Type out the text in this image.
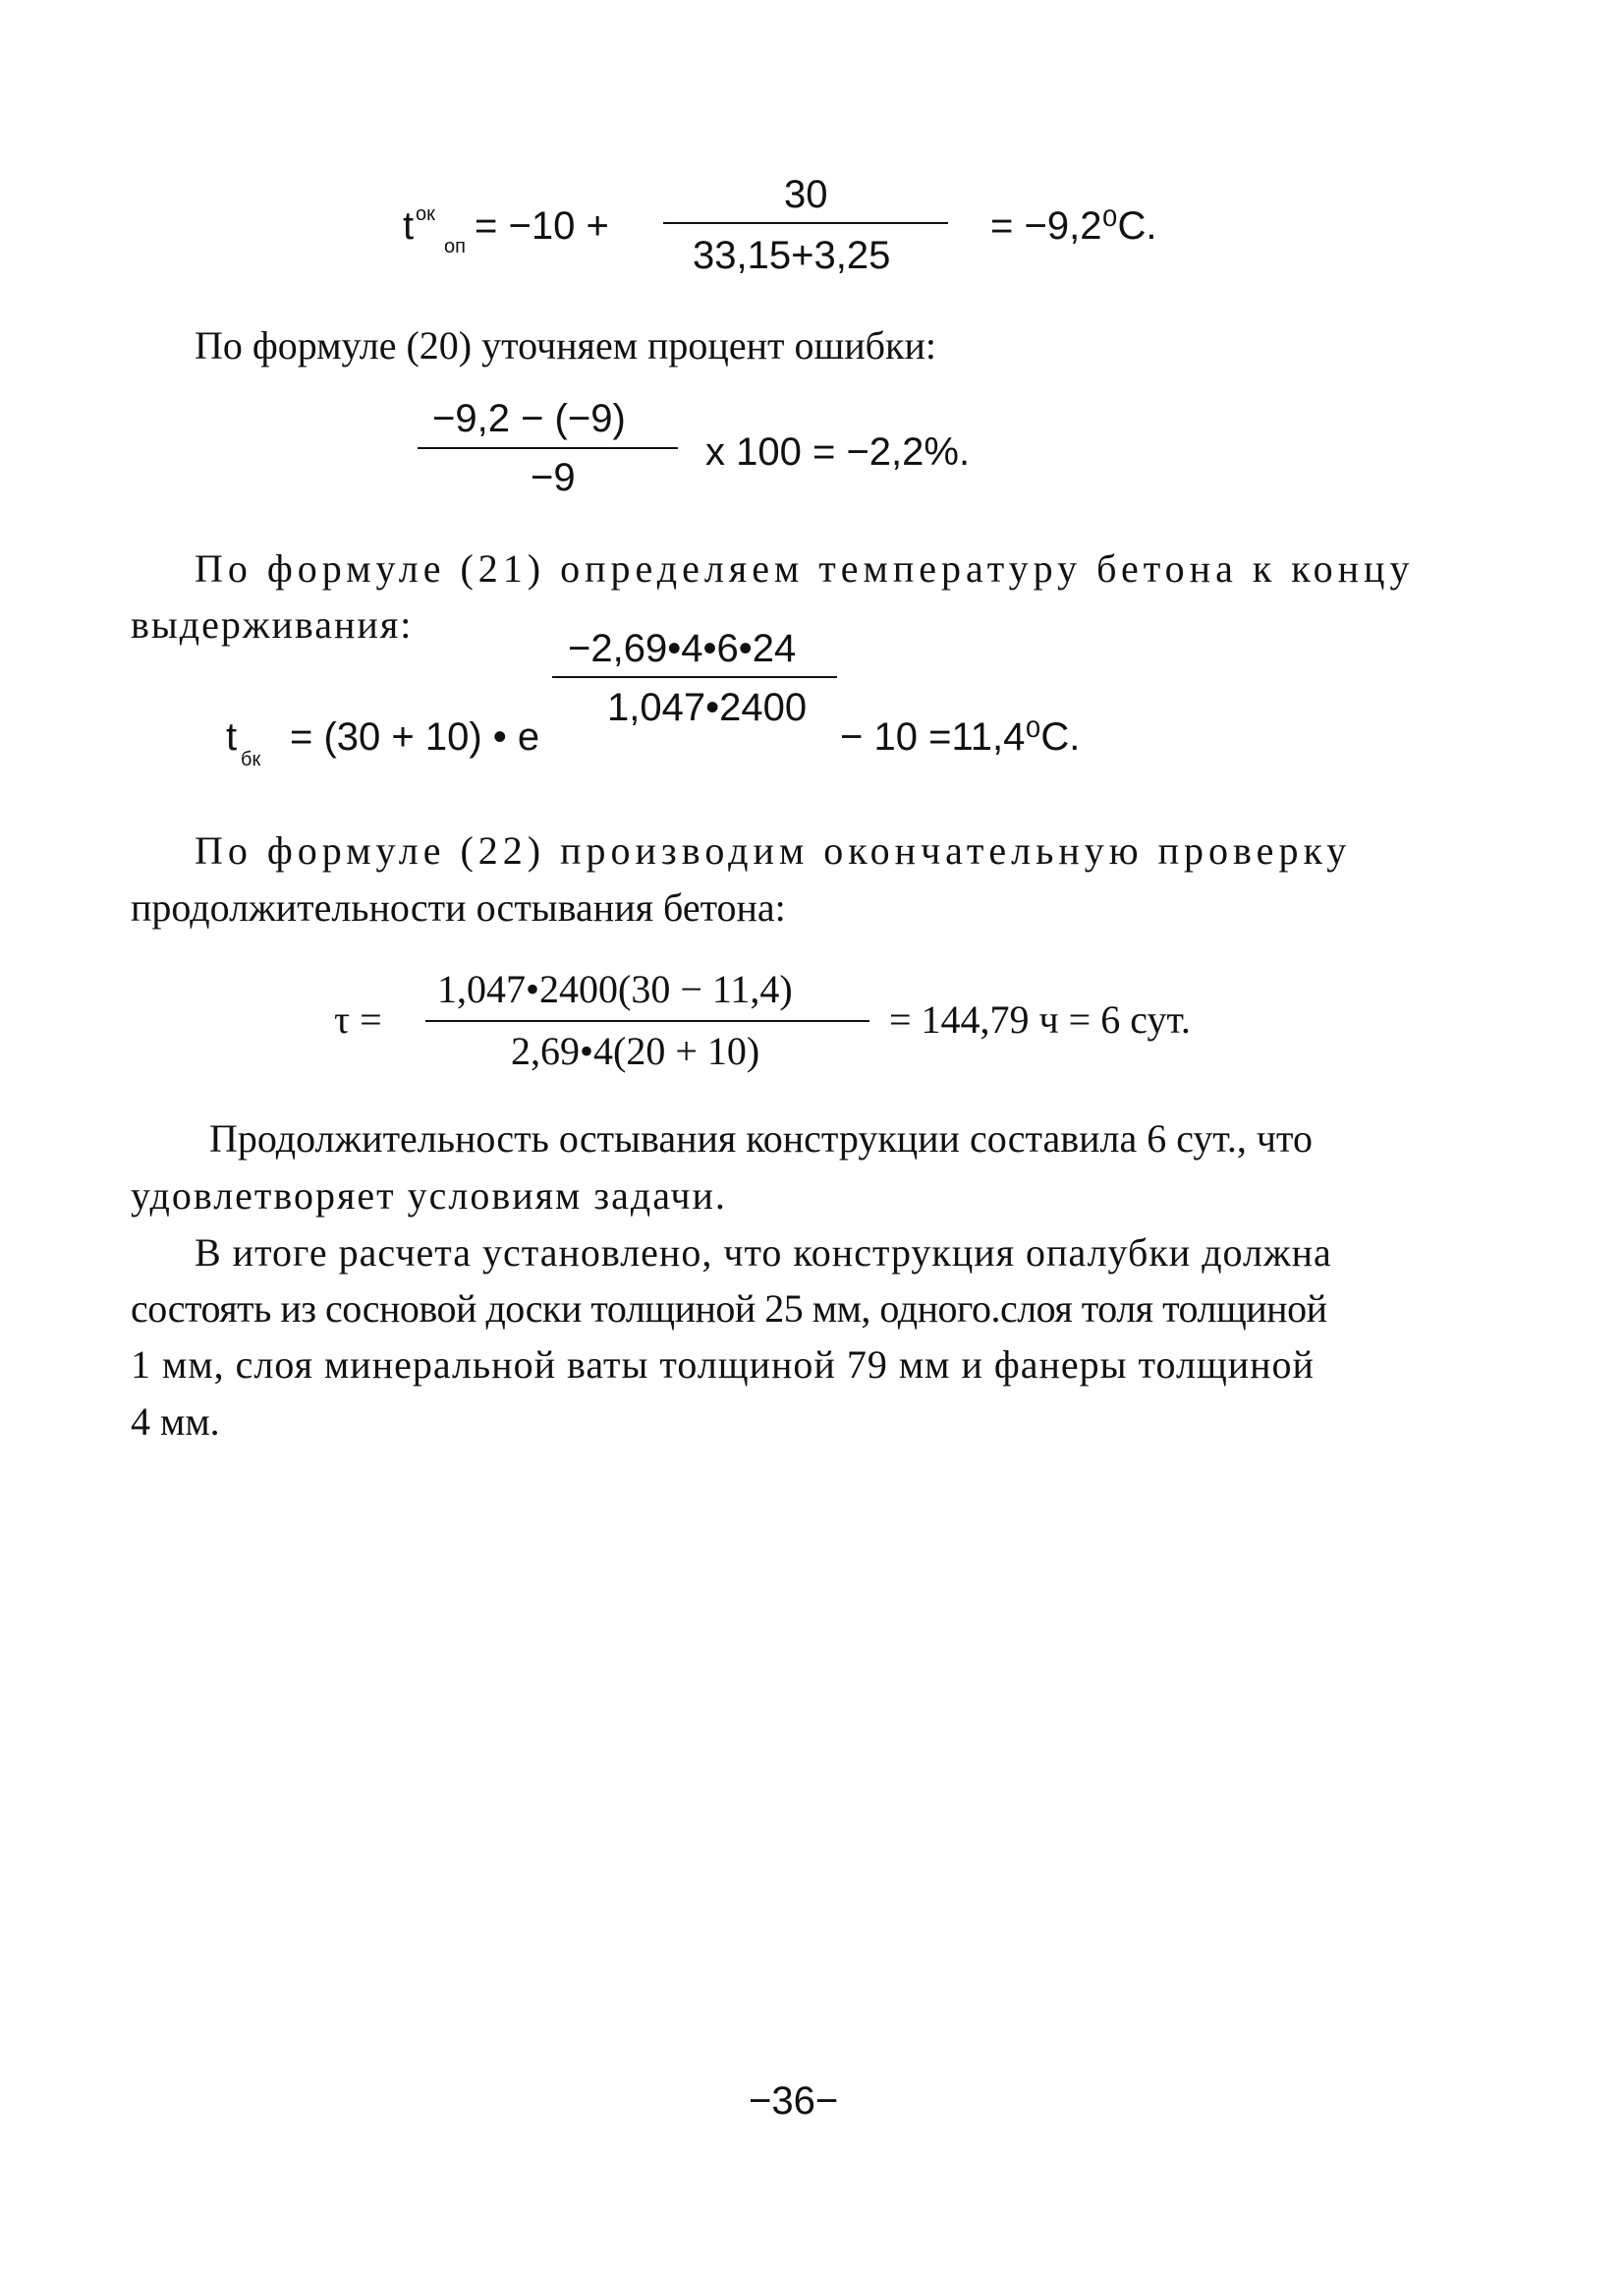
t ок
оп = −10 +
30
33,15+3,25
= −9,2⁰С.
По формуле (20) уточняем процент ошибки:
−9,2 − (−9)
−9
x 100 = −2,2%.
По формуле (21) определяем температуру бетона к концу
выдерживания:
−2,69•4•6•24
1,047•2400
t
бк
= (30 + 10) • e	− 10 =11,4⁰С.
По формуле (22) производим окончательную проверку
продолжительности остывания бетона:
τ =
1,047•2400(30 − 11,4)
2,69•4(20 + 10)
= 144,79 ч = 6 сут.
Продолжительность остывания конструкции составила 6 сут., что
удовлетворяет условиям задачи.
В итоге расчета установлено, что конструкция опалубки должна
состоять из сосновой доски толщиной 25 мм, одного.слоя толя толщиной
1 мм, слоя минеральной ваты толщиной 79 мм и фанеры толщиной
4 мм.
−36−
